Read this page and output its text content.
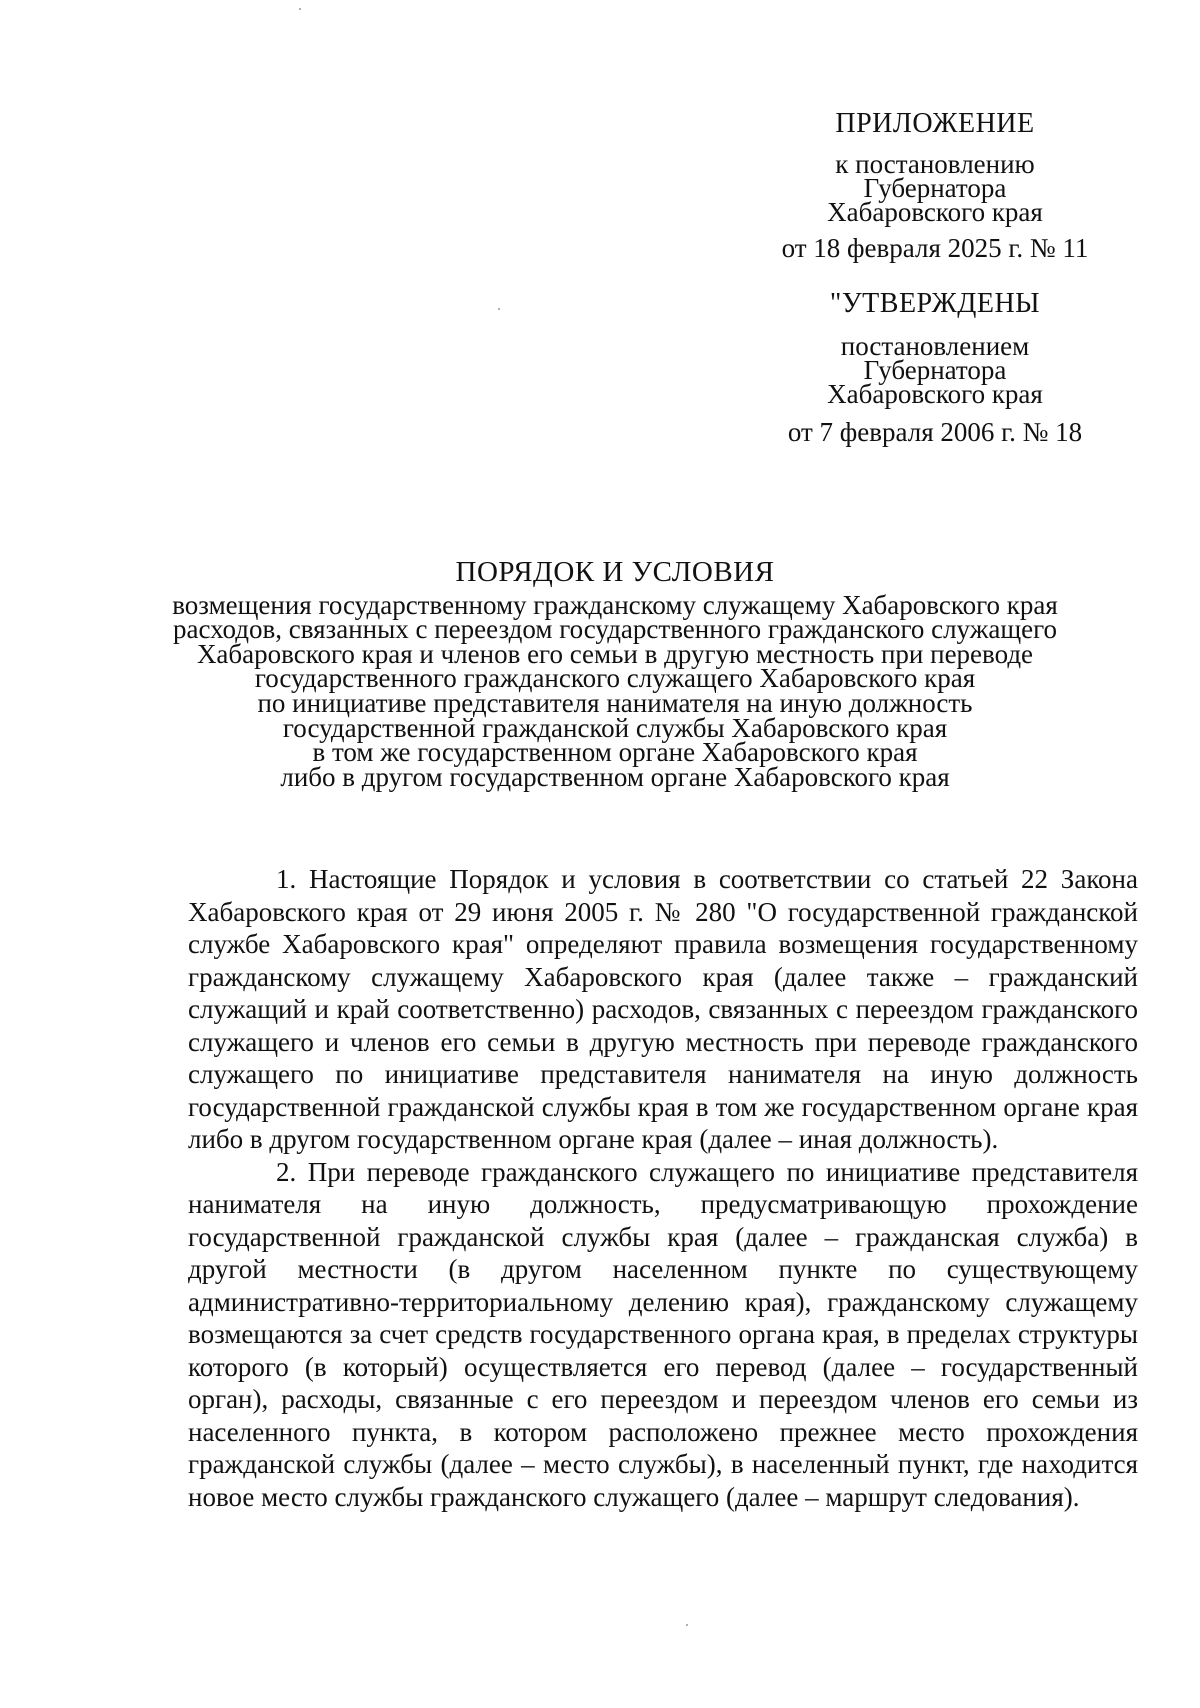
ПРИЛОЖЕНИЕ
к постановлению
Губернатора
Хабаровского края
от 18 февраля 2025 г. № 11
"УТВЕРЖДЕНЫ
постановлением
Губернатора
Хабаровского края
от 7 февраля 2006 г. № 18
ПОРЯДОК И УСЛОВИЯ
возмещения государственному гражданскому служащему Хабаровского края
расходов, связанных с переездом государственного гражданского служащего
Хабаровского края и членов его семьи в другую местность при переводе
государственного гражданского служащего Хабаровского края
по инициативе представителя нанимателя на иную должность
государственной гражданской службы Хабаровского края
в том же государственном органе Хабаровского края
либо в другом государственном органе Хабаровского края

1. Настоящие Порядок и условия в соответствии со статьей 22 Закона Хабаровского края от 29 июня 2005 г. № 280 "О государственной гражданской службе Хабаровского края" определяют правила возмещения государственному гражданскому служащему Хабаровского края (далее также – гражданский служащий и край соответственно) расходов, связанных с переездом гражданского служащего и членов его семьи в другую местность при переводе гражданского служащего по инициативе представителя нанимателя на иную должность государственной гражданской службы края в том же государственном органе края либо в другом государственном органе края (далее – иная должность).

2. При переводе гражданского служащего по инициативе представителя нанимателя на иную должность, предусматривающую прохождение государственной гражданской службы края (далее – гражданская служба) в другой местности (в другом населенном пункте по существующему административно-территориальному делению края), гражданскому служащему возмещаются за счет средств государственного органа края, в пределах структуры которого (в который) осуществляется его перевод (далее – государственный орган), расходы, связанные с его переездом и переездом членов его семьи из населенного пункта, в котором расположено прежнее место прохождения гражданской службы (далее – место службы), в населенный пункт, где находится новое место службы гражданского служащего (далее – маршрут следования).
